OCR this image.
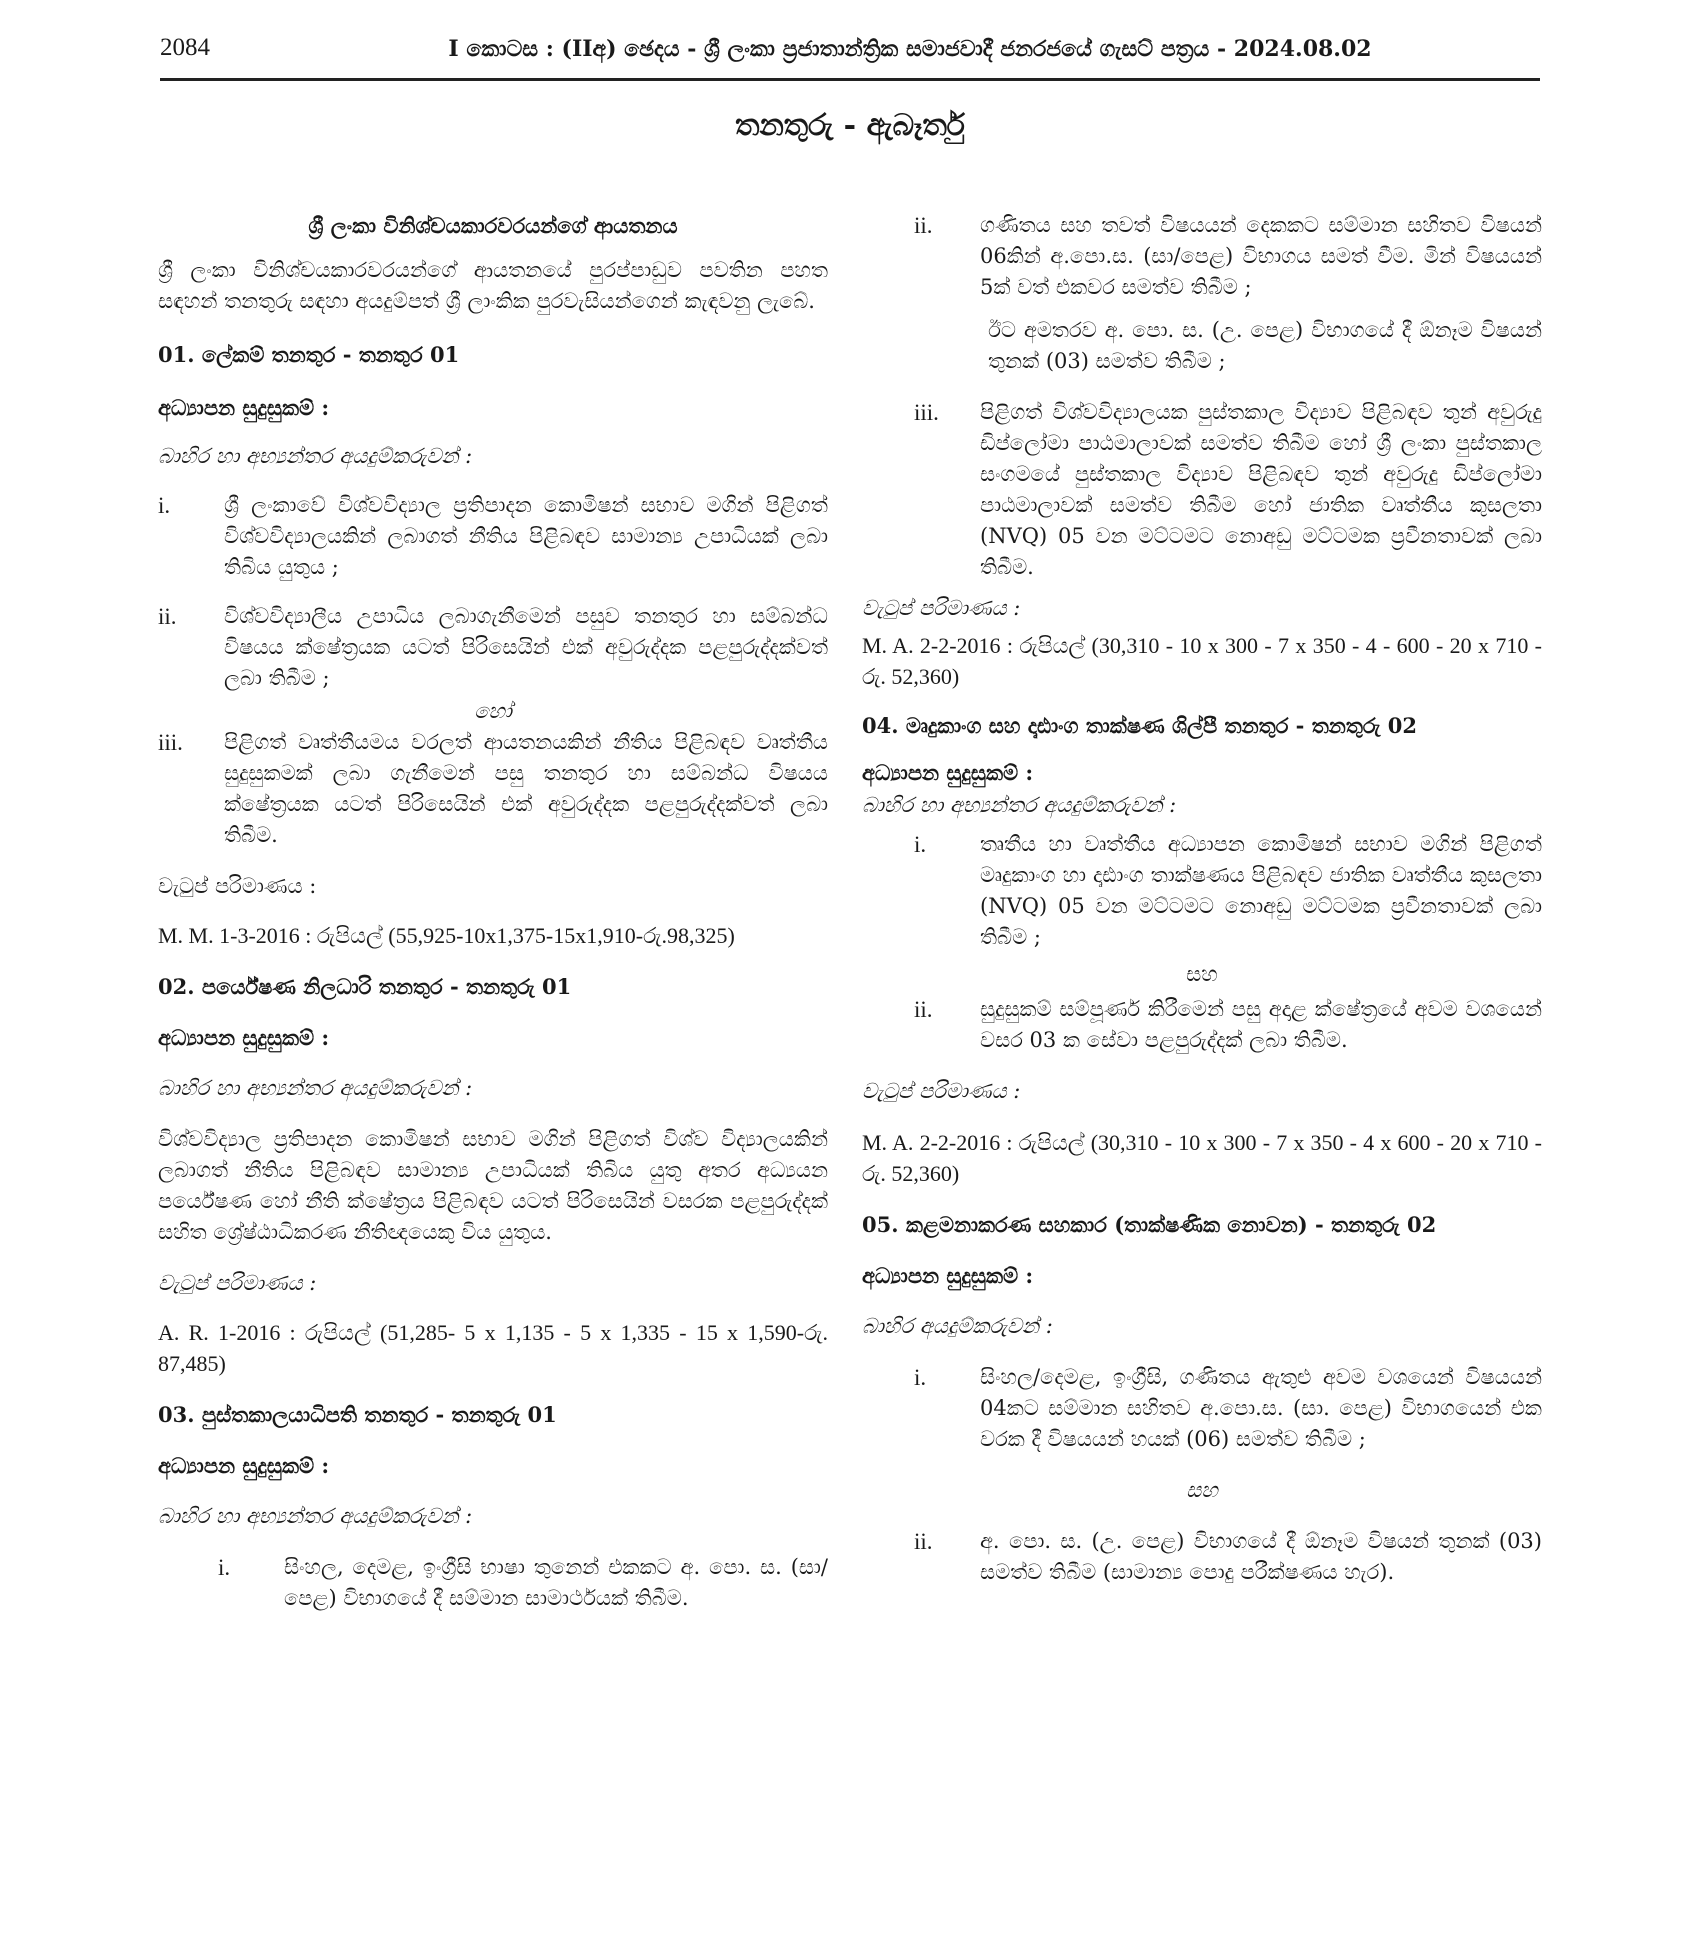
2084	I කොටස : (IIඅ) ඡෙදය - ශ්‍රී ලංකා ප්‍රජාතාන්ත්‍රික සමාජවාදී ජනරජයේ ගැසට් පත්‍රය - 2024.08.02
තනතුරු - ඇබෑර්තු

ශ්‍රී ලංකා විනිශ්චයකාරවරයන්ගේ ආයතනය

ශ්‍රී ලංකා විනිශ්චයකාරවරයන්ගේ ආයතනයේ පුරප්පාඩුව පවතින පහත සඳහන් තනතුරු සඳහා අයදුම්පත් ශ්‍රී ලාංකික පුරවැසියන්ගෙන් කැඳවනු ලැබේ.

01. ලේකම් තනතුර - තනතුර 01

අධ්‍යාපන සුදුසුකම් :

බාහිර හා අභ්‍යන්තර අයදුම්කරුවන් :

i.	ශ්‍රී ලංකාවේ විශ්වවිද්‍යාල ප්‍රතිපාදන කොමිෂන් සභාව මගින් පිළිගත් විශ්වවිද්‍යාලයකින් ලබාගත් නීතිය පිළිබඳව සාමාන්‍ය උපාධියක් ලබා තිබිය යුතුය ;
ii.	විශ්වවිද්‍යාලීය උපාධිය ලබාගැනීමෙන් පසුව තනතුර හා සම්බන්ධ විෂයය ක්ෂේත්‍රයක යටත් පිරිසෙයින් එක් අවුරුද්දක පළපුරුද්දක්වත් ලබා තිබීම ;

හෝ

iii.	පිළිගත් වෘත්තීයමය වරලත් ආයතනයකින් නීතිය පිළිබඳව වෘත්තීය සුදුසුකමක් ලබා ගැනීමෙන් පසු තනතුර හා සම්බන්ධ විෂයය ක්ෂේත්‍රයක යටත් පිරිසෙයින් එක් අවුරුද්දක පළපුරුද්දක්වත් ලබා තිබීම.

වැටුප් පරිමාණය :

M. M. 1-3-2016 : රුපියල් (55,925-10x1,375-15x1,910-රු.98,325)

02. පර්යේෂණ නිලධාරි තනතුර - තනතුරු 01

අධ්‍යාපන සුදුසුකම් :

බාහිර හා අභ්‍යන්තර අයදුම්කරුවන් :

විශ්වවිද්‍යාල ප්‍රතිපාදන කොමිෂන් සභාව මගින් පිළිගත් විශ්ව විද්‍යාලයකින් ලබාගත් නීතිය පිළිබඳව සාමාන්‍ය උපාධියක් තිබිය යුතු අතර අධ්‍යයන පර්යේෂණ හෝ නීති ක්ෂේත්‍රය පිළිබඳව යටත් පිරිසෙයින් වසරක පළපුරුද්දක් සහිත ශ්‍රේෂ්ඨාධිකරණ නීතිඥයෙකු විය යුතුය.

වැටුප් පරිමාණය :

A. R. 1-2016 : රුපියල් (51,285- 5 x 1,135 - 5 x 1,335 - 15 x 1,590-රු. 87,485)

03. පුස්තකාලයාධිපති තනතුර - තනතුරු 01

අධ්‍යාපන සුදුසුකම් :

බාහිර හා අභ්‍යන්තර අයදුම්කරුවන් :

i.	සිංහල, දෙමළ, ඉංග්‍රීසි භාෂා තුනෙන් එකකට අ. පො. ස. (සා/පෙළ) විභාගයේ දී සම්මාන සාමාර්ථයක් තිබීම.
ii.	ගණිතය සහ තවත් විෂයයන් දෙකකට සම්මාන සහිතව විෂයන් 06කින් අ.පො.ස. (සා/පෙළ) විභාගය සමත් වීම. මින් විෂයයන් 5ක් වත් එකවර සමත්ව තිබීම ;

ඊට අමතරව අ. පො. ස. (උ. පෙළ) විභාගයේ දී ඕනෑම විෂයන් තුනක් (03) සමත්ව තිබීම ;

iii.	පිළිගත් විශ්වවිද්‍යාලයක පුස්තකාල විද්‍යාව පිළිබඳව තුන් අවුරුදු ඩිප්ලෝමා පාඨමාලාවක් සමත්ව තිබීම හෝ ශ්‍රී ලංකා පුස්තකාල සංගමයේ පුස්තකාල විද්‍යාව පිළිබඳව තුන් අවුරුදු ඩිප්ලෝමා පාඨමාලාවක් සමත්ව තිබීම හෝ ජාතික වෘත්තීය කුසලතා (NVQ) 05 වන මට්ටමට නොඅඩු මට්ටමක ප්‍රවීනතාවක් ලබා තිබීම.

වැටුප් පරිමාණය :

M. A. 2-2-2016 : රුපියල් (30,310 - 10 x 300 - 7 x 350 - 4 - 600 - 20 x 710 - රු. 52,360)

04. මෘදුකාංග සහ දෘඪාංග තාක්ෂණ ශිල්පී තනතුර - තනතුරු 02

අධ්‍යාපන සුදුසුකම් :

බාහිර හා අභ්‍යන්තර අයදුම්කරුවන් :

i.	තෘතීය හා වෘත්තීය අධ්‍යාපන කොමිෂන් සභාව මගින් පිළිගත් මෘදුකාංග හා දෘඪාංග තාක්ෂණය පිළිබඳව ජාතික වෘත්තීය කුසලතා (NVQ) 05 වන මට්ටමට නොඅඩු මට්ටමක ප්‍රවීනතාවක් ලබා තිබීම ;

සහ

ii.	සුදුසුකම් සම්පූර්ණ කිරීමෙන් පසු අදාළ ක්ෂේත්‍රයේ අවම වශයෙන් වසර 03 ක සේවා පළපුරුද්දක් ලබා තිබීම.

වැටුප් පරිමාණය :

M. A. 2-2-2016 : රුපියල් (30,310 - 10 x 300 - 7 x 350 - 4 x 600 - 20 x 710 - රු. 52,360)

05. කළමනාකරණ සහකාර (තාක්ෂණික නොවන) - තනතුරු 02

අධ්‍යාපන සුදුසුකම් :

බාහිර අයදුම්කරුවන් :

i.	සිංහල/දෙමළ, ඉංග්‍රීසි, ගණිතය ඇතුළු අවම වශයෙන් විෂයයන් 04කට සම්මාන සහිතව අ.පො.ස. (සා. පෙළ) විභාගයෙන් එක වරක දී විෂයයන් හයක් (06) සමත්ව තිබීම ;

සහ

ii.	අ. පො. ස. (උ. පෙළ) විභාගයේ දී ඕනෑම විෂයන් තුනක් (03) සමත්ව තිබීම (සාමාන්‍ය පොදු පරීක්ෂණය හැර).
